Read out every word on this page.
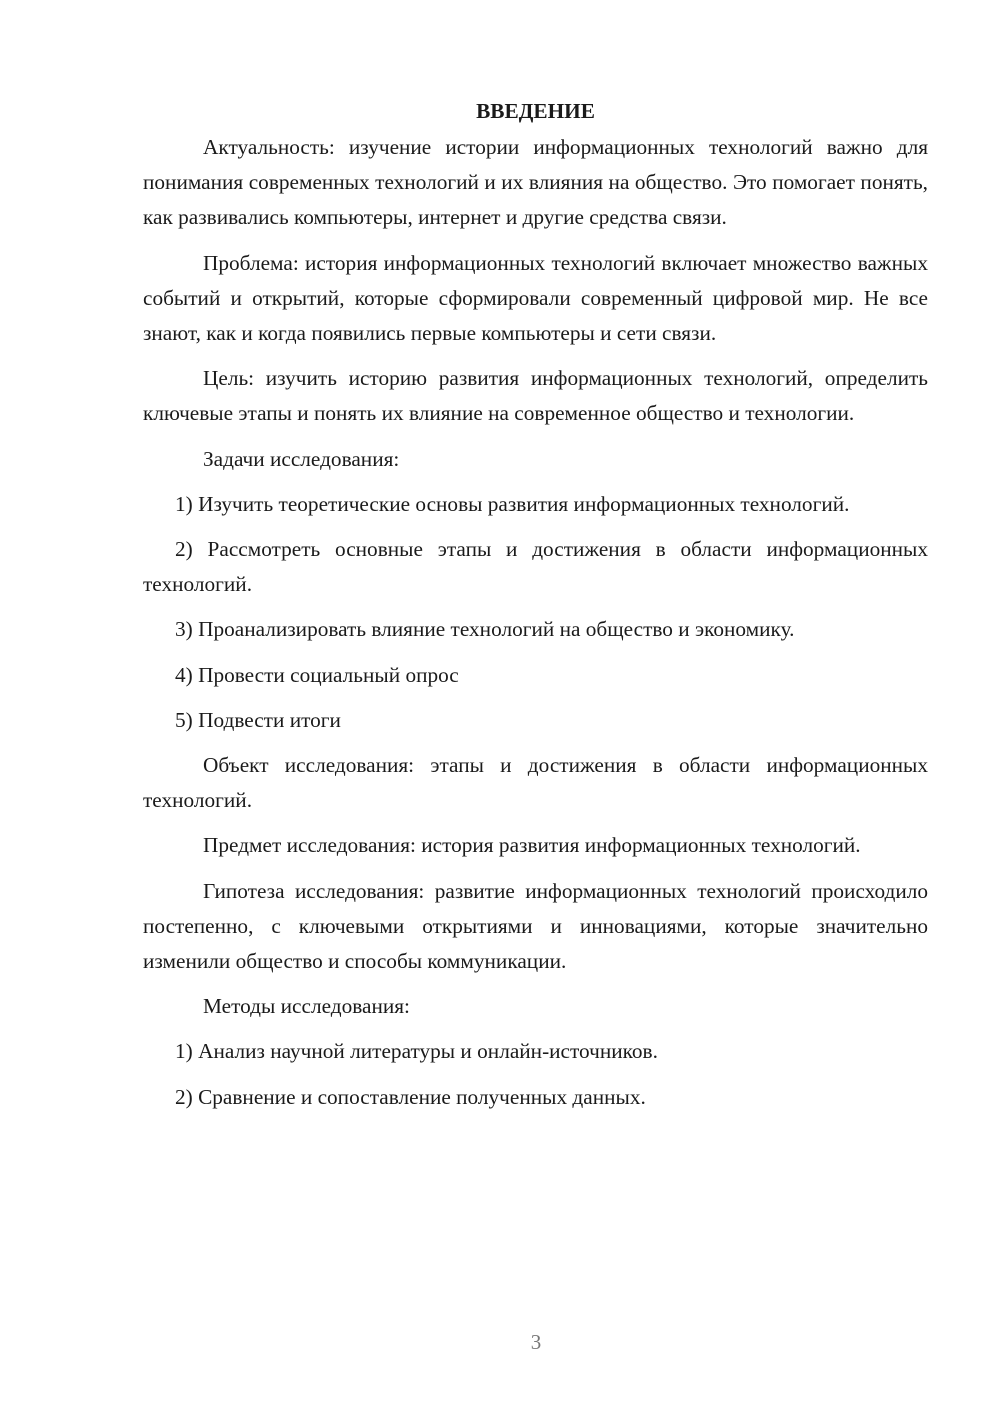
ВВЕДЕНИЕ

Актуальность: изучение истории информационных технологий важно для понимания современных технологий и их влияния на общество. Это помогает понять, как развивались компьютеры, интернет и другие средства связи.

Проблема: история информационных технологий включает множество важных событий и открытий, которые сформировали современный цифровой мир. Не все знают, как и когда появились первые компьютеры и сети связи.

Цель: изучить историю развития информационных технологий, определить ключевые этапы и понять их влияние на современное общество и технологии.

Задачи исследования:

1) Изучить теоретические основы развития информационных технологий.

2) Рассмотреть основные этапы и достижения в области информационных технологий.

3) Проанализировать влияние технологий на общество и экономику.

4) Провести социальный опрос

5) Подвести итоги

Объект исследования: этапы и достижения в области информационных технологий.

Предмет исследования: история развития информационных технологий.

Гипотеза исследования: развитие информационных технологий происходило постепенно, с ключевыми открытиями и инновациями, которые значительно изменили общество и способы коммуникации.

Методы исследования:

1) Анализ научной литературы и онлайн-источников.

2) Сравнение и сопоставление полученных данных.

3
